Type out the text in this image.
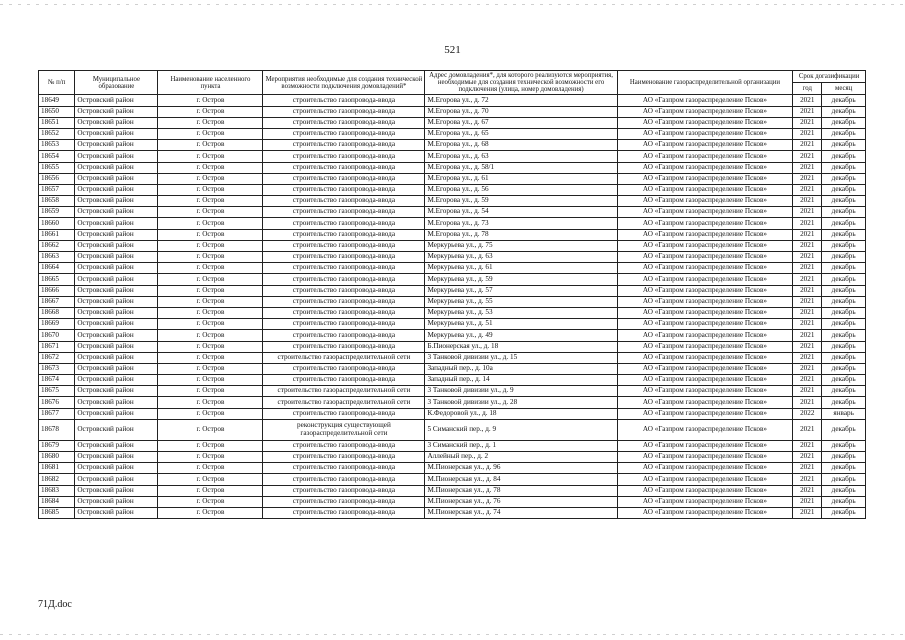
521
№ п/п	Муниципальное образование	Наименование населенного пункта	Мероприятия необходимые для создания технической возможности подключения домовладений*	Адрес домовладения*, для которого реализуются мероприятия, необходимые для создания технической возможности его подключения (улица, номер домовладения)	Наименование газораспределительной организации	Срок догазификации	
						год	месяц
18649	Островский район	г. Остров	строительство газопровода-ввода	М.Егорова ул., д. 72	АО «Газпром газораспределение Псков»	2021	декабрь
18650	Островский район	г. Остров	строительство газопровода-ввода	М.Егорова ул., д. 70	АО «Газпром газораспределение Псков»	2021	декабрь
18651	Островский район	г. Остров	строительство газопровода-ввода	М.Егорова ул., д. 67	АО «Газпром газораспределение Псков»	2021	декабрь
18652	Островский район	г. Остров	строительство газопровода-ввода	М.Егорова ул., д. 65	АО «Газпром газораспределение Псков»	2021	декабрь
18653	Островский район	г. Остров	строительство газопровода-ввода	М.Егорова ул., д. 68	АО «Газпром газораспределение Псков»	2021	декабрь
18654	Островский район	г. Остров	строительство газопровода-ввода	М.Егорова ул., д. 63	АО «Газпром газораспределение Псков»	2021	декабрь
18655	Островский район	г. Остров	строительство газопровода-ввода	М.Егорова ул., д. 58/1	АО «Газпром газораспределение Псков»	2021	декабрь
18656	Островский район	г. Остров	строительство газопровода-ввода	М.Егорова ул., д. 61	АО «Газпром газораспределение Псков»	2021	декабрь
18657	Островский район	г. Остров	строительство газопровода-ввода	М.Егорова ул., д. 56	АО «Газпром газораспределение Псков»	2021	декабрь
18658	Островский район	г. Остров	строительство газопровода-ввода	М.Егорова ул., д. 59	АО «Газпром газораспределение Псков»	2021	декабрь
18659	Островский район	г. Остров	строительство газопровода-ввода	М.Егорова ул., д. 54	АО «Газпром газораспределение Псков»	2021	декабрь
18660	Островский район	г. Остров	строительство газопровода-ввода	М.Егорова ул., д. 73	АО «Газпром газораспределение Псков»	2021	декабрь
18661	Островский район	г. Остров	строительство газопровода-ввода	М.Егорова ул., д. 78	АО «Газпром газораспределение Псков»	2021	декабрь
18662	Островский район	г. Остров	строительство газопровода-ввода	Меркурьева ул., д. 75	АО «Газпром газораспределение Псков»	2021	декабрь
18663	Островский район	г. Остров	строительство газопровода-ввода	Меркурьева ул., д. 63	АО «Газпром газораспределение Псков»	2021	декабрь
18664	Островский район	г. Остров	строительство газопровода-ввода	Меркурьева ул., д. 61	АО «Газпром газораспределение Псков»	2021	декабрь
18665	Островский район	г. Остров	строительство газопровода-ввода	Меркурьева ул., д. 59	АО «Газпром газораспределение Псков»	2021	декабрь
18666	Островский район	г. Остров	строительство газопровода-ввода	Меркурьева ул., д. 57	АО «Газпром газораспределение Псков»	2021	декабрь
18667	Островский район	г. Остров	строительство газопровода-ввода	Меркурьева ул., д. 55	АО «Газпром газораспределение Псков»	2021	декабрь
18668	Островский район	г. Остров	строительство газопровода-ввода	Меркурьева ул., д. 53	АО «Газпром газораспределение Псков»	2021	декабрь
18669	Островский район	г. Остров	строительство газопровода-ввода	Меркурьева ул., д. 51	АО «Газпром газораспределение Псков»	2021	декабрь
18670	Островский район	г. Остров	строительство газопровода-ввода	Меркурьева ул., д. 49	АО «Газпром газораспределение Псков»	2021	декабрь
18671	Островский район	г. Остров	строительство газопровода-ввода	Б.Пионерская ул., д. 18	АО «Газпром газораспределение Псков»	2021	декабрь
18672	Островский район	г. Остров	строительство газораспределительной сети	3 Танковой дивизии ул., д. 15	АО «Газпром газораспределение Псков»	2021	декабрь
18673	Островский район	г. Остров	строительство газопровода-ввода	Западный пер., д. 10а	АО «Газпром газораспределение Псков»	2021	декабрь
18674	Островский район	г. Остров	строительство газопровода-ввода	Западный пер., д. 14	АО «Газпром газораспределение Псков»	2021	декабрь
18675	Островский район	г. Остров	строительство газораспределительной сети	3 Танковой дивизии ул., д. 9	АО «Газпром газораспределение Псков»	2021	декабрь
18676	Островский район	г. Остров	строительство газораспределительной сети	3 Танковой дивизии ул., д. 28	АО «Газпром газораспределение Псков»	2021	декабрь
18677	Островский район	г. Остров	строительство газопровода-ввода	К.Федоровой ул., д. 18	АО «Газпром газораспределение Псков»	2022	январь
18678	Островский район	г. Остров	реконструкция существующей газораспределительной сети	5 Симанский пер., д. 9	АО «Газпром газораспределение Псков»	2021	декабрь
18679	Островский район	г. Остров	строительство газопровода-ввода	3 Симанский пер., д. 1	АО «Газпром газораспределение Псков»	2021	декабрь
18680	Островский район	г. Остров	строительство газопровода-ввода	Аллейный пер., д. 2	АО «Газпром газораспределение Псков»	2021	декабрь
18681	Островский район	г. Остров	строительство газопровода-ввода	М.Пионерская ул., д. 96	АО «Газпром газораспределение Псков»	2021	декабрь
18682	Островский район	г. Остров	строительство газопровода-ввода	М.Пионерская ул., д. 84	АО «Газпром газораспределение Псков»	2021	декабрь
18683	Островский район	г. Остров	строительство газопровода-ввода	М.Пионерская ул., д. 78	АО «Газпром газораспределение Псков»	2021	декабрь
18684	Островский район	г. Остров	строительство газопровода-ввода	М.Пионерская ул., д. 76	АО «Газпром газораспределение Псков»	2021	декабрь
18685	Островский район	г. Остров	строительство газопровода-ввода	М.Пионерская ул., д. 74	АО «Газпром газораспределение Псков»	2021	декабрь
71Д.doc
